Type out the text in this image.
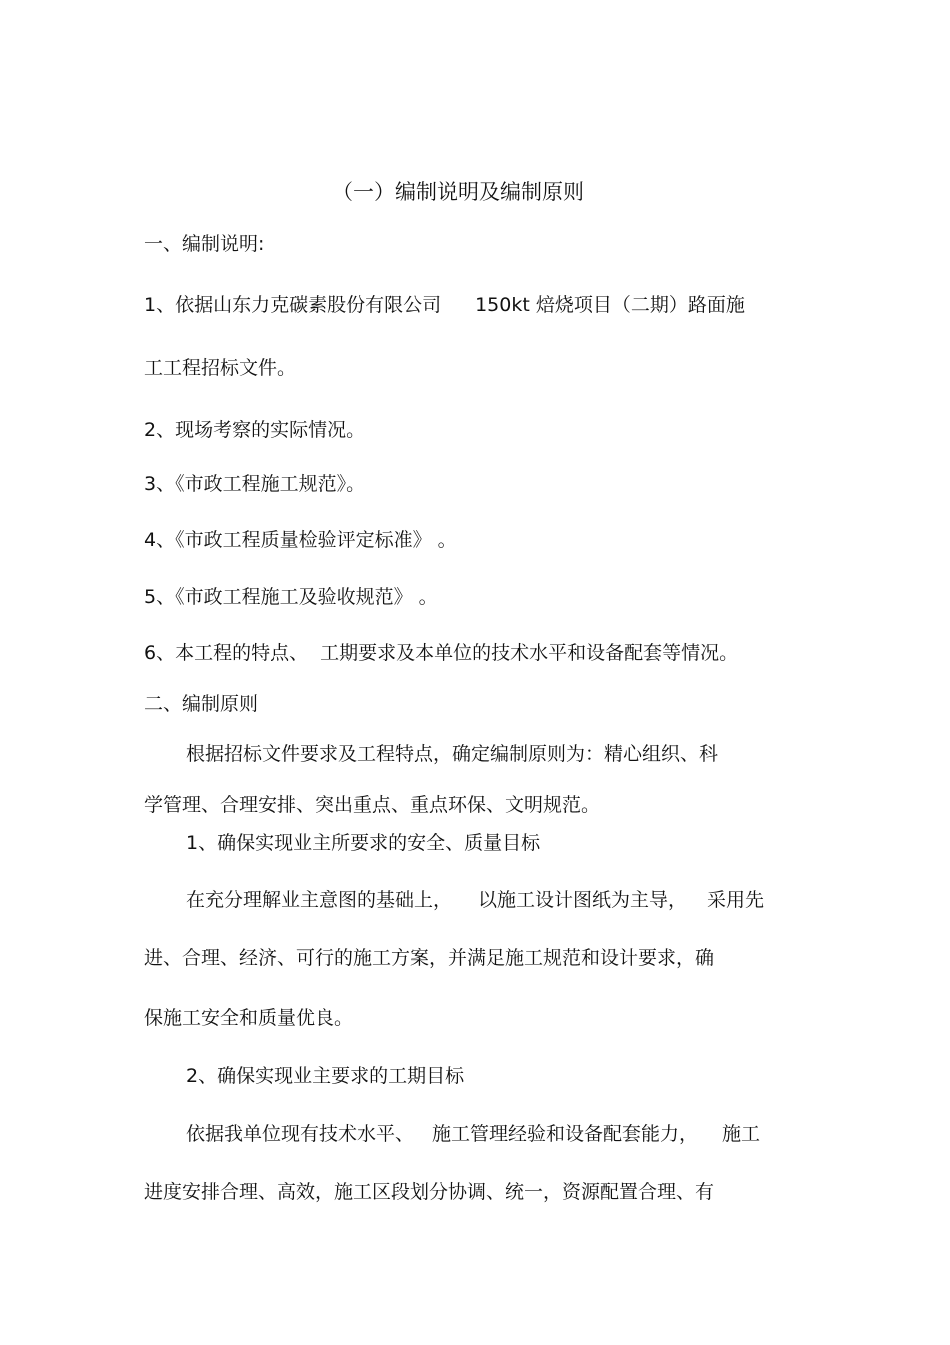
（一）编制说明及编制原则
一、编制说明:
1、依据山东力克碳素股份有限公司 150kt 焙烧项目（二期）路面施
工工程招标文件。
2、现场考察的实际情况。
3、《市政工程施工规范》。
4、《市政工程质量检验评定标准》 。
5、《市政工程施工及验收规范》 。
6、本工程的特点、 工期要求及本单位的技术水平和设备配套等情况。
二、编制原则
根据招标文件要求及工程特点，确定编制原则为：精心组织、科
学管理、合理安排、突出重点、重点环保、文明规范。
1、确保实现业主所要求的安全、质量目标
在充分理解业主意图的基础上， 以施工设计图纸为主导， 采用先
进、合理、经济、可行的施工方案，并满足施工规范和设计要求，确
保施工安全和质量优良。
2、确保实现业主要求的工期目标
依据我单位现有技术水平、 施工管理经验和设备配套能力， 施工
进度安排合理、高效，施工区段划分协调、统一，资源配置合理、有
